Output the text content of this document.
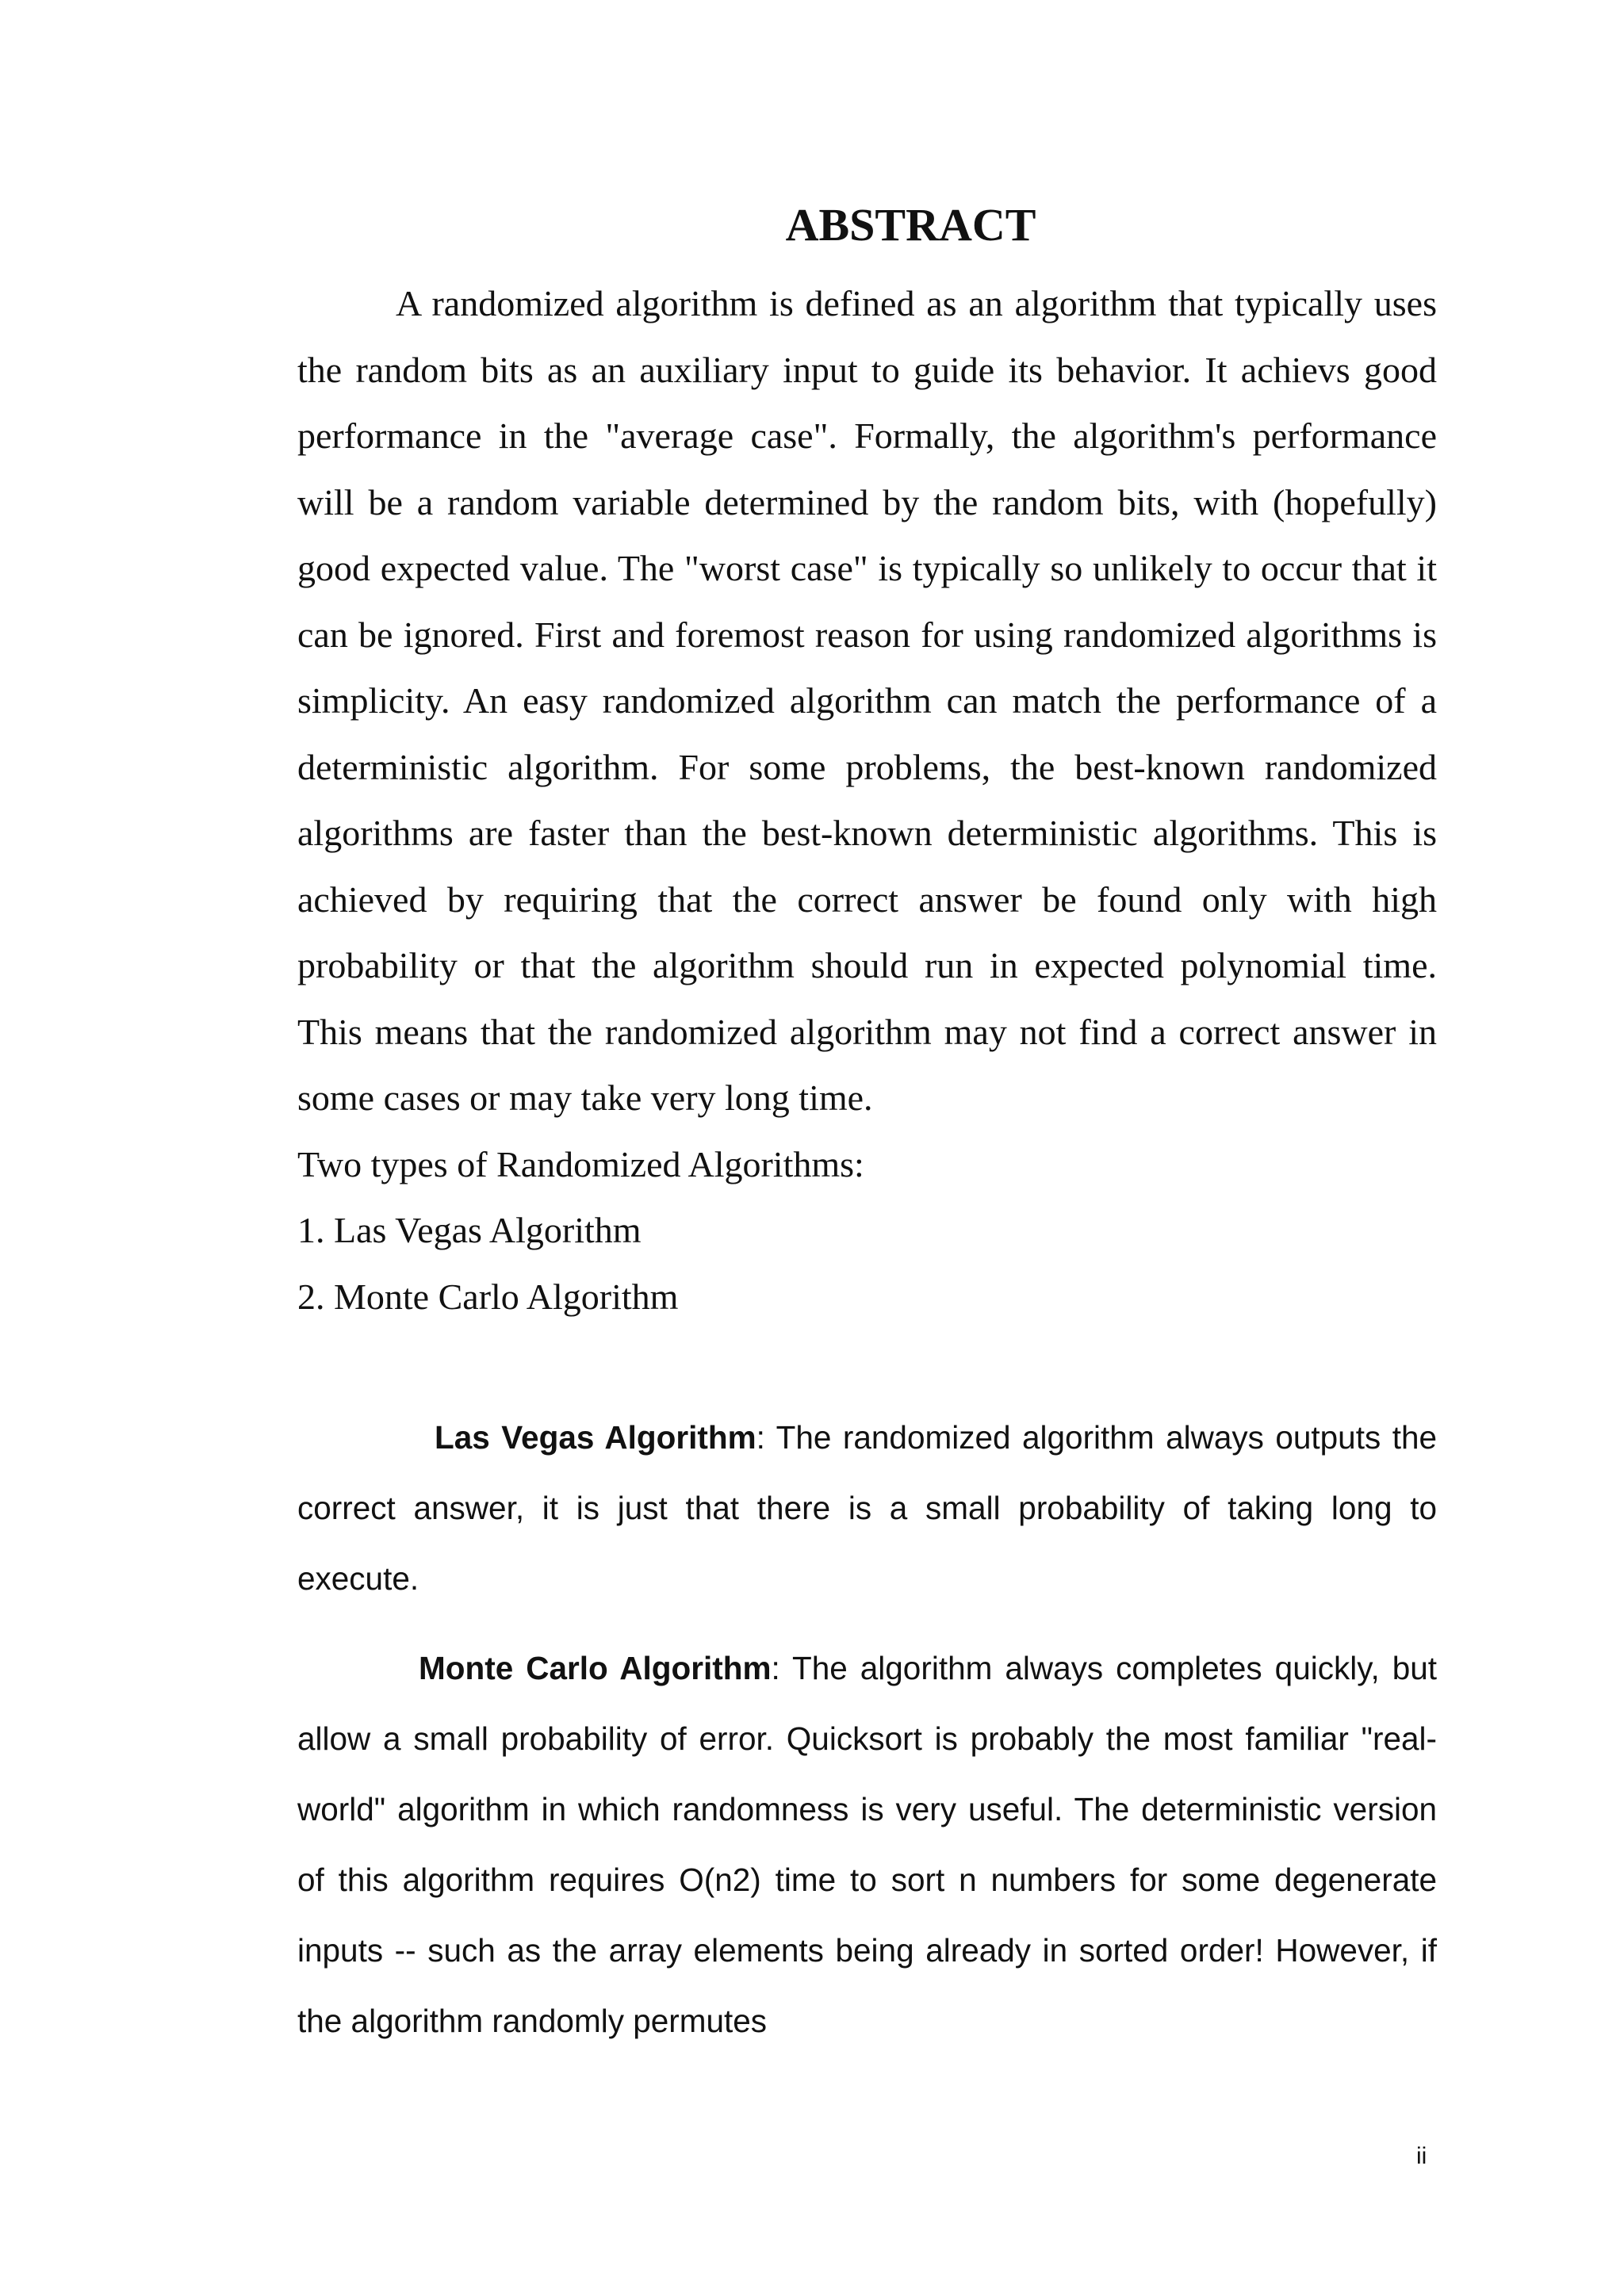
ABSTRACT

A randomized algorithm is defined as an algorithm that typically uses the random bits as an auxiliary input to guide its behavior. It achievs good performance in the "average case". Formally, the algorithm's performance will be a random variable determined by the random bits, with (hopefully) good expected value. The "worst case" is typically so unlikely to occur that it can be ignored. First and foremost reason for using randomized algorithms is simplicity. An easy randomized algorithm can match the performance of a deterministic algorithm. For some problems, the best-known randomized algorithms are faster than the best-known deterministic algorithms. This is achieved by requiring that the correct answer be found only with high probability or that the algorithm should run in expected polynomial time. This means that the randomized algorithm may not find a correct answer in some cases or may take very long time.

Two types of Randomized Algorithms:

1. Las Vegas Algorithm

2. Monte Carlo Algorithm

Las Vegas Algorithm: The randomized algorithm always outputs the correct answer, it is just that there is a small probability of taking long to execute.

Monte Carlo Algorithm: The algorithm always completes quickly, but allow a small probability of error. Quicksort is probably the most familiar "real-world" algorithm in which randomness is very useful. The deterministic version of this algorithm requires O(n2) time to sort n numbers for some degenerate inputs -- such as the array elements being already in sorted order! However, if the algorithm randomly permutes

ii
